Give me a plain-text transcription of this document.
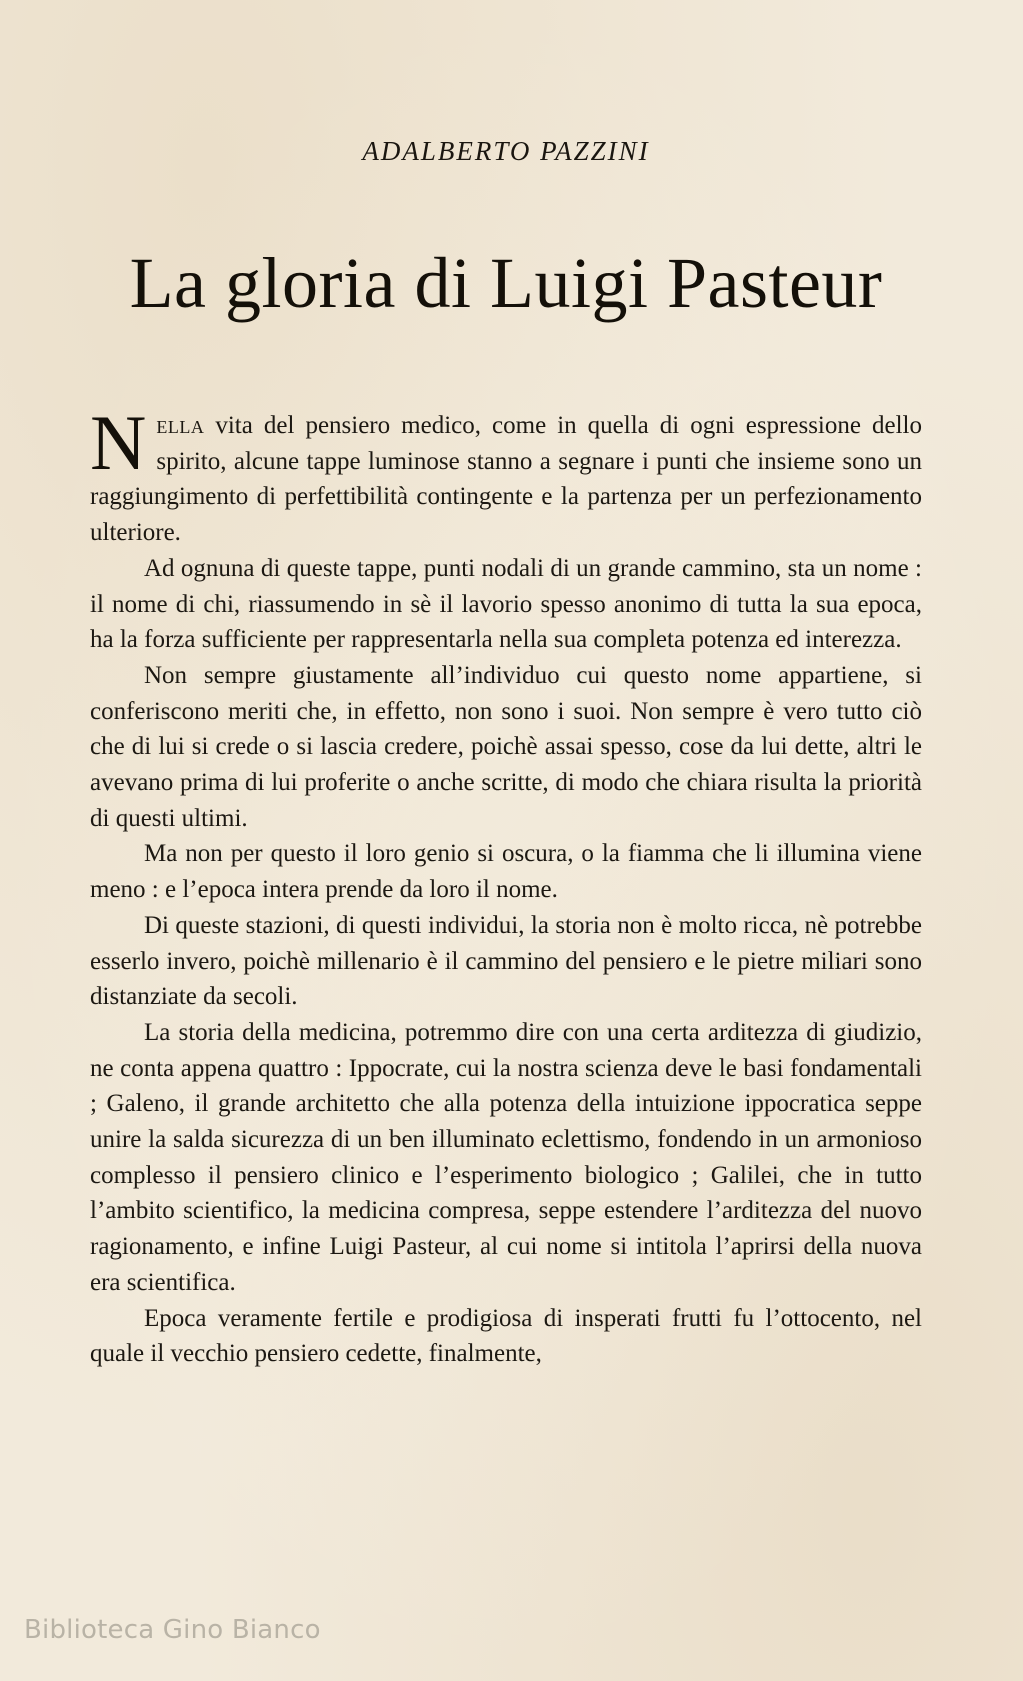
ADALBERTO PAZZINI
La gloria di Luigi Pasteur

Nella vita del pensiero medico, come in quella di ogni espressione dello spirito, alcune tappe luminose stanno a segnare i punti che insieme sono un raggiungimento di perfettibilità contingente e la partenza per un perfezionamento ulteriore.

Ad ognuna di queste tappe, punti nodali di un grande cammino, sta un nome : il nome di chi, riassumendo in sè il lavorio spesso anonimo di tutta la sua epoca, ha la forza sufficiente per rappresentarla nella sua completa potenza ed interezza.

Non sempre giustamente all’individuo cui questo nome appartiene, si conferiscono meriti che, in effetto, non sono i suoi. Non sempre è vero tutto ciò che di lui si crede o si lascia credere, poichè assai spesso, cose da lui dette, altri le avevano prima di lui proferite o anche scritte, di modo che chiara risulta la priorità di questi ultimi.

Ma non per questo il loro genio si oscura, o la fiamma che li illumina viene meno : e l’epoca intera prende da loro il nome.

Di queste stazioni, di questi individui, la storia non è molto ricca, nè potrebbe esserlo invero, poichè millenario è il cammino del pensiero e le pietre miliari sono distanziate da secoli.

La storia della medicina, potremmo dire con una certa arditezza di giudizio, ne conta appena quattro : Ippocrate, cui la nostra scienza deve le basi fondamentali ; Galeno, il grande architetto che alla potenza della intuizione ippocratica seppe unire la salda sicurezza di un ben illuminato eclettismo, fondendo in un armonioso complesso il pensiero clinico e l’esperimento biologico ; Galilei, che in tutto l’ambito scientifico, la medicina compresa, seppe estendere l’arditezza del nuovo ragionamento, e infine Luigi Pasteur, al cui nome si intitola l’aprirsi della nuova era scientifica.

Epoca veramente fertile e prodigiosa di insperati frutti fu l’ottocento, nel quale il vecchio pensiero cedette, finalmente,

Biblioteca Gino Bianco
